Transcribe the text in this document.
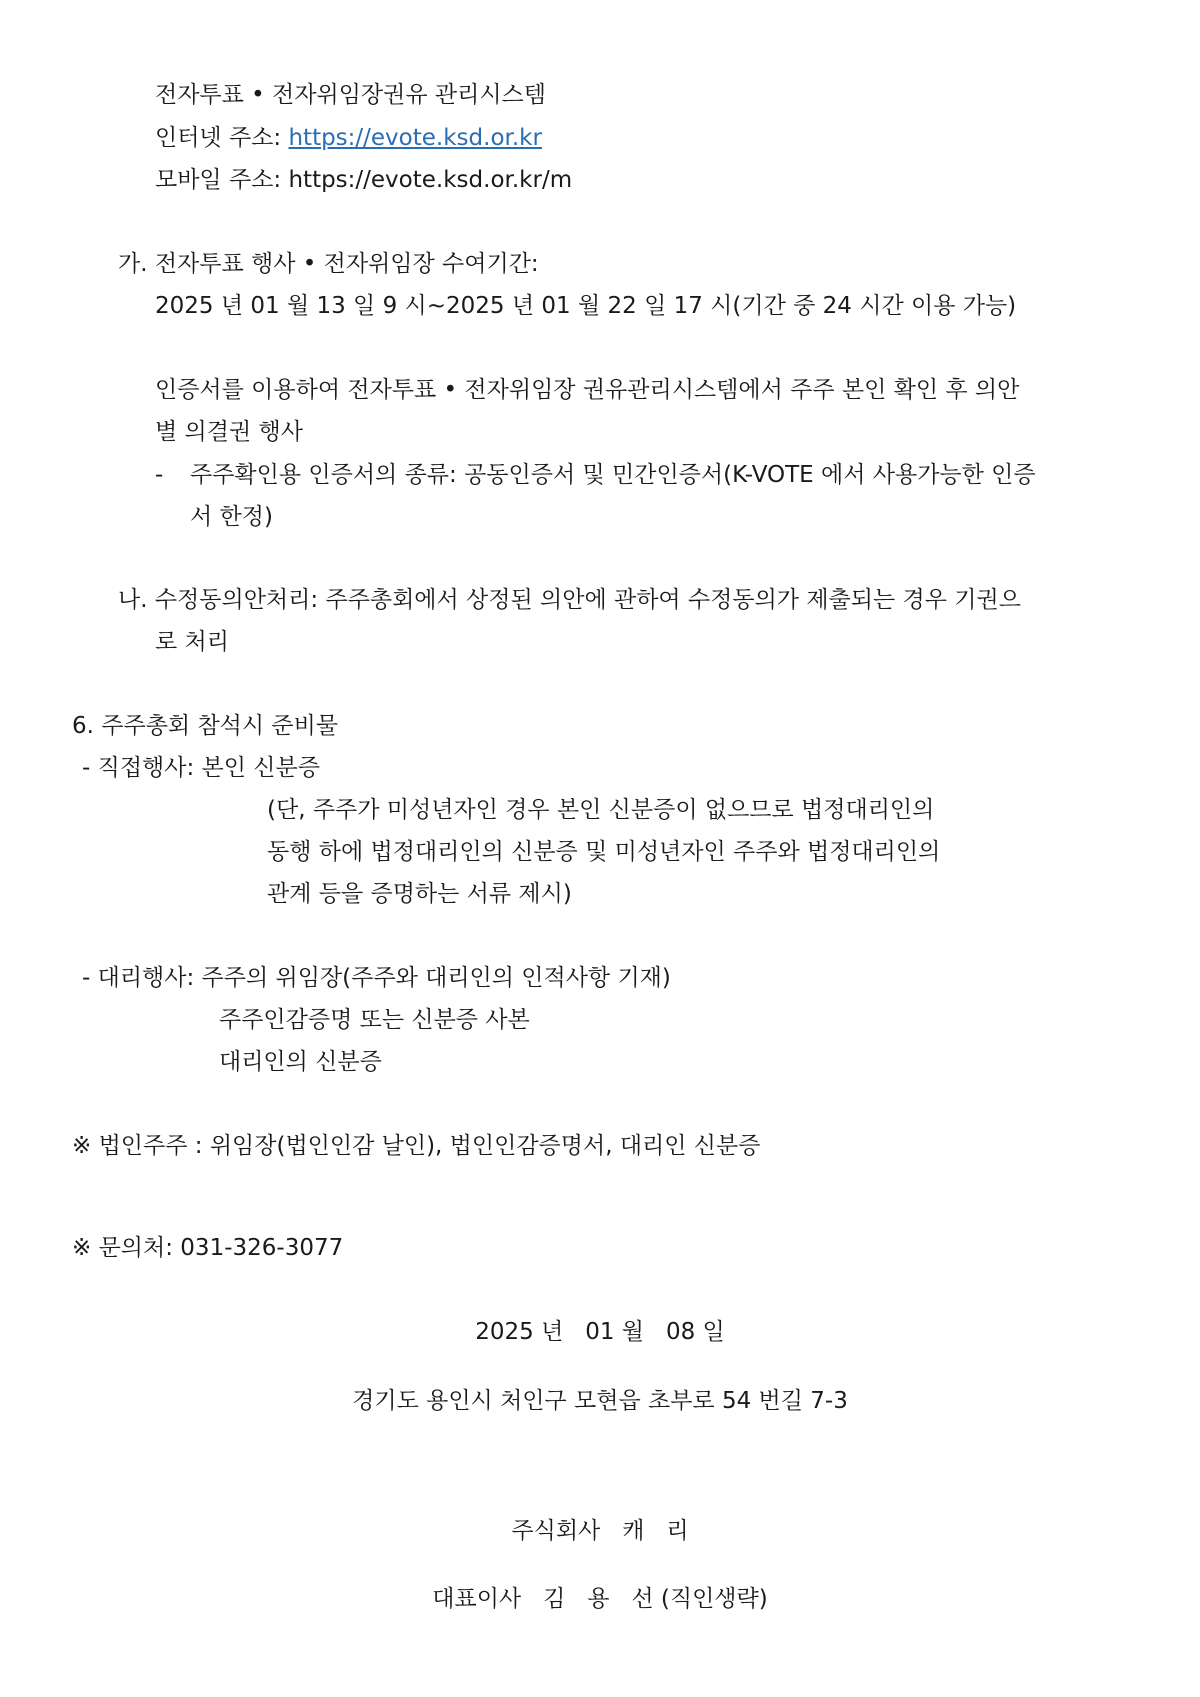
전자투표 • 전자위임장권유 관리시스템
인터넷 주소: https://evote.ksd.or.kr
모바일 주소: https://evote.ksd.or.kr/m
가. 전자투표 행사 • 전자위임장 수여기간:
2025 년 01 월 13 일 9 시~2025 년 01 월 22 일 17 시(기간 중 24 시간 이용 가능)
인증서를 이용하여 전자투표 • 전자위임장 권유관리시스템에서 주주 본인 확인 후 의안
별 의결권 행사
- 주주확인용 인증서의 종류: 공동인증서 및 민간인증서(K-VOTE 에서 사용가능한 인증
서 한정)
나. 수정동의안처리: 주주총회에서 상정된 의안에 관하여 수정동의가 제출되는 경우 기권으
로 처리
6. 주주총회 참석시 준비물
- 직접행사: 본인 신분증
(단, 주주가 미성년자인 경우 본인 신분증이 없으므로 법정대리인의
동행 하에 법정대리인의 신분증 및 미성년자인 주주와 법정대리인의
관계 등을 증명하는 서류 제시)
- 대리행사: 주주의 위임장(주주와 대리인의 인적사항 기재)
주주인감증명 또는 신분증 사본
대리인의 신분증
※ 법인주주 : 위임장(법인인감 날인), 법인인감증명서, 대리인 신분증
※ 문의처: 031-326-3077
2025 년   01 월   08 일
경기도 용인시 처인구 모현읍 초부로 54 번길 7-3
주식회사   캐   리
대표이사   김   용   선 (직인생략)
